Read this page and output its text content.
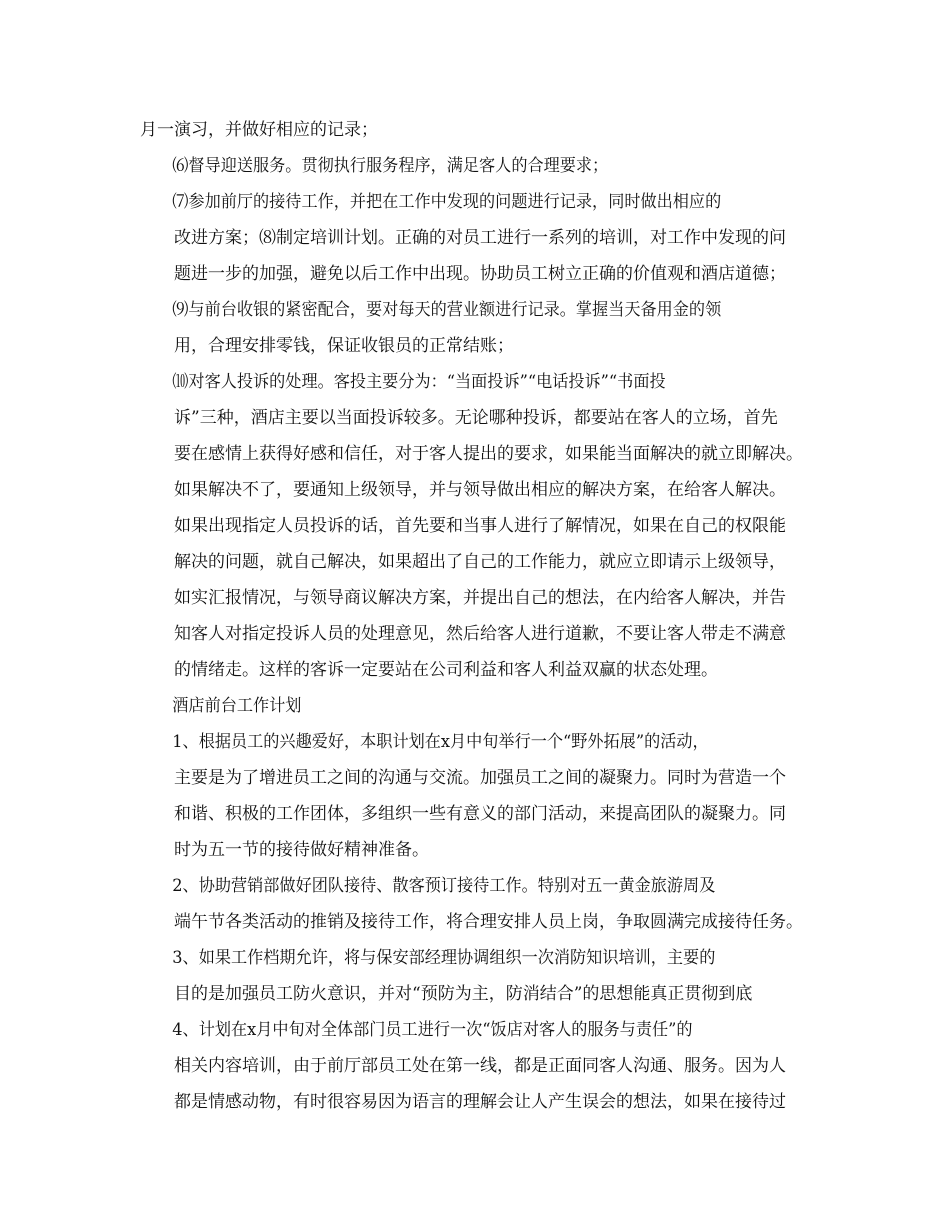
月一演习，并做好相应的记录；

⑹督导迎送服务。贯彻执行服务程序，满足客人的合理要求；

⑺参加前厅的接待工作，并把在工作中发现的问题进行记录，同时做出相应的
改进方案；⑻制定培训计划。正确的对员工进行一系列的培训，对工作中发现的问
题进一步的加强，避免以后工作中出现。协助员工树立正确的价值观和酒店道德；

⑼与前台收银的紧密配合，要对每天的营业额进行记录。掌握当天备用金的领
用，合理安排零钱，保证收银员的正常结账；

⑽对客人投诉的处理。客投主要分为：“当面投诉”“电话投诉”“书面投
诉”三种，酒店主要以当面投诉较多。无论哪种投诉，都要站在客人的立场，首先
要在感情上获得好感和信任，对于客人提出的要求，如果能当面解决的就立即解决。
如果解决不了，要通知上级领导，并与领导做出相应的解决方案，在给客人解决。
如果出现指定人员投诉的话，首先要和当事人进行了解情况，如果在自己的权限能
解决的问题，就自己解决，如果超出了自己的工作能力，就应立即请示上级领导，
如实汇报情况，与领导商议解决方案，并提出自己的想法，在内给客人解决，并告
知客人对指定投诉人员的处理意见，然后给客人进行道歉，不要让客人带走不满意
的情绪走。这样的客诉一定要站在公司利益和客人利益双赢的状态处理。

酒店前台工作计划

1、根据员工的兴趣爱好，本职计划在x月中旬举行一个“野外拓展”的活动，
主要是为了增进员工之间的沟通与交流。加强员工之间的凝聚力。同时为营造一个
和谐、积极的工作团体，多组织一些有意义的部门活动，来提高团队的凝聚力。同
时为五一节的接待做好精神准备。

2、协助营销部做好团队接待、散客预订接待工作。特别对五一黄金旅游周及
端午节各类活动的推销及接待工作，将合理安排人员上岗，争取圆满完成接待任务。

3、如果工作档期允许，将与保安部经理协调组织一次消防知识培训，主要的
目的是加强员工防火意识，并对“预防为主，防消结合”的思想能真正贯彻到底

4、计划在x月中旬对全体部门员工进行一次“饭店对客人的服务与责任”的
相关内容培训，由于前厅部员工处在第一线，都是正面同客人沟通、服务。因为人
都是情感动物，有时很容易因为语言的理解会让人产生误会的想法，如果在接待过
